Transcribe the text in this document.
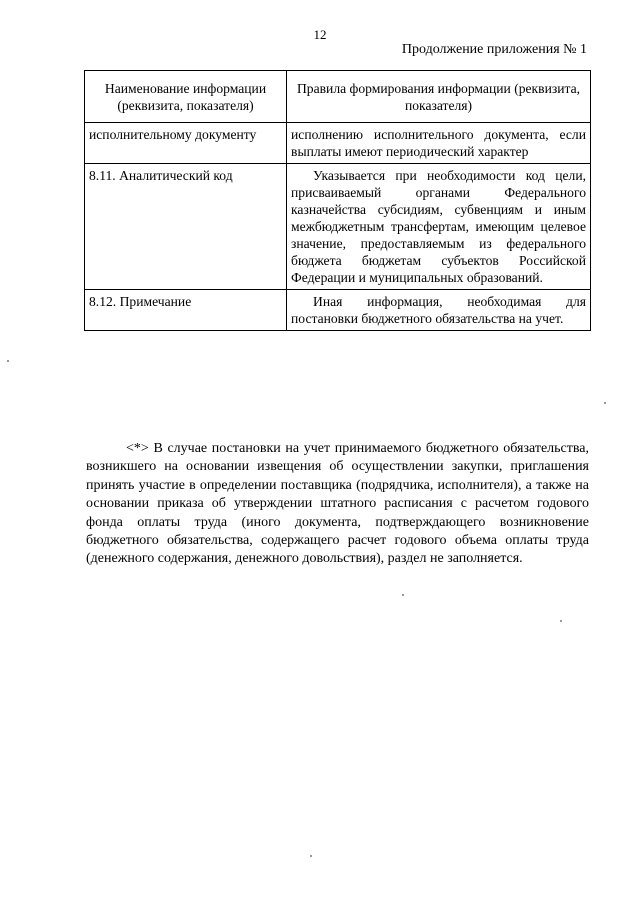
12
Продолжение приложения № 1
Наименование информации (реквизита, показателя)	Правила формирования информации (реквизита, показателя)
исполнительному документу	исполнению исполнительного документа, если выплаты имеют периодический характер
8.11. Аналитический код	Указывается при необходимости код цели, присваиваемый органами Федерального казначейства субсидиям, субвенциям и иным межбюджетным трансфертам, имеющим целевое значение, предоставляемым из федерального бюджета бюджетам субъектов Российской Федерации и муниципальных образований.
8.12. Примечание	Иная информация, необходимая для постановки бюджетного обязательства на учет.

<*> В случае постановки на учет принимаемого бюджетного обязательства, возникшего на основании извещения об осуществлении закупки, приглашения принять участие в определении поставщика (подрядчика, исполнителя), а также на основании приказа об утверждении штатного расписания с расчетом годового фонда оплаты труда (иного документа, подтверждающего возникновение бюджетного обязательства, содержащего расчет годового объема оплаты труда (денежного содержания, денежного довольствия), раздел не заполняется.
